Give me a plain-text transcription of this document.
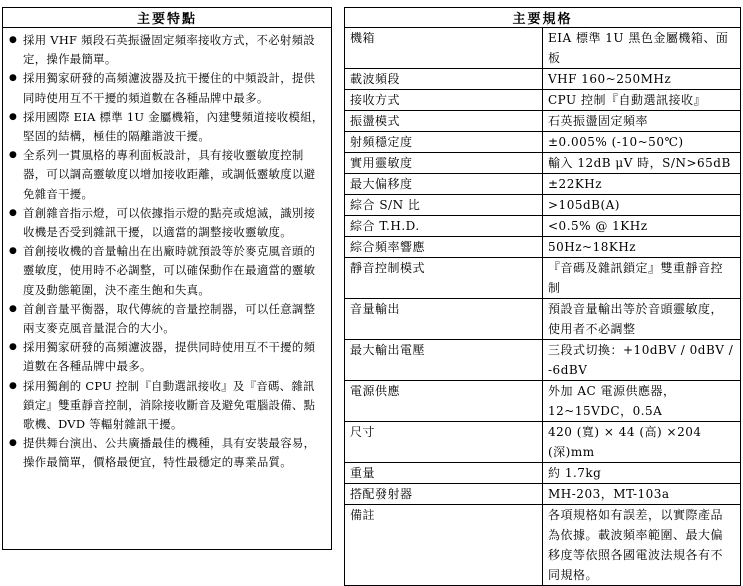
主要特點

● 採用 VHF 頻段石英振盪固定頻率接收方式，不必射頻設定，操作最簡單。

● 採用獨家研發的高頻濾波器及抗干擾住的中頻設計，提供同時使用互不干擾的頻道數在各種品牌中最多。

● 採用國際 EIA 標準 1U 金屬機箱，內建雙頻道接收模組，堅固的結構，極佳的隔離諧波干擾。

● 全系列一貫風格的專利面板設計，具有接收靈敏度控制器，可以調高靈敏度以增加接收距離，或調低靈敏度以避免雜音干擾。

● 首創雜音指示燈，可以依據指示燈的點亮或熄滅，識別接收機是否受到雜訊干擾，以適當的調整接收靈敏度。

● 首創接收機的音量輸出在出廠時就預設等於麥克風音頭的靈敏度，使用時不必調整，可以確保動作在最適當的靈敏度及動態範圍，決不產生飽和失真。

● 首創音量平衡器，取代傳統的音量控制器，可以任意調整兩支麥克風音量混合的大小。

● 採用獨家研發的高頻濾波器，提供同時使用互不干擾的頻道數在各種品牌中最多。

● 採用獨創的 CPU 控制『自動選訊接收』及『音碼、雜訊鎖定』雙重靜音控制，消除接收斷音及避免電腦設備、點歌機、DVD 等輻射雜訊干擾。

● 提供舞台演出、公共廣播最佳的機種，具有安裝最容易，操作最簡單，價格最便宜，特性最穩定的專業品質。

主要規格	
機箱	EIA 標準 1U 黑色金屬機箱、面板
載波頻段	VHF 160~250MHz
接收方式	CPU 控制『自動選訊接收』
振盪模式	石英振盪固定頻率
射頻穩定度	±0.005% (-10~50℃)
實用靈敏度	輸入 12dB μV 時，S/N>65dB
最大偏移度	±22KHz
綜合 S/N 比	>105dB(A)
綜合 T.H.D.	<0.5% @ 1KHz
綜合頻率響應	50Hz~18KHz
靜音控制模式	『音碼及雜訊鎖定』雙重靜音控制
音量輸出	預設音量輸出等於音頭靈敏度，使用者不必調整
最大輸出電壓	三段式切換：+10dBV / 0dBV / -6dBV
電源供應	外加 AC 電源供應器，12~15VDC，0.5A
尺寸	420 (寬) × 44 (高) ×204 (深)mm
重量	約 1.7kg
搭配發射器	MH-203，MT-103a
備註	各項規格如有誤差，以實際產品為依據。載波頻率範圍、最大偏移度等依照各國電波法規各有不同規格。
